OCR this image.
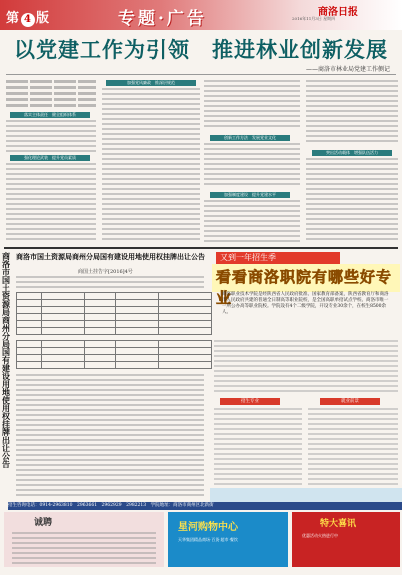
第 4 版	专题·广告	商洛日报
2016年11月3日 星期四
以党建工作为引领　推进林业创新发展
——商洛市林业局党建工作侧记
落实主体责任　健全组织体系
强化理论武装　提升党员素质
加强党风廉政　推深层规范
创新工作方法　发展党业文化
加强制度建设　提升党建水平
突出活动载体　增强队伍活力
商洛市国土资源局商州分局国有建设用地使用权挂牌出让公告
商洛市国土资源局商州分局国有建设用地使用权挂牌出让公告
商国土挂告字[2016]4号

又到一年招生季
看看商洛职院有哪些好专业
商洛职业技术学院是经陕西省人民政府批准、国家教育部备案，陕西省教育厅和商洛市人民政府共建的普通全日制高等职业院校，是全国高职单招试点学校、商洛市唯一一所公办高等职业院校。学院设有4个二级学院，开设专业30余个，在校生8500余人。
招生专业	就业前景
招生咨询电话：0914-2963810　2963661　2962929　2982213　学院地址：商洛市商州区北新街
诚聘	星河购物中心
天华集团精品商场·百货·超市·餐饮
特大喜讯
优惠活动火热进行中
